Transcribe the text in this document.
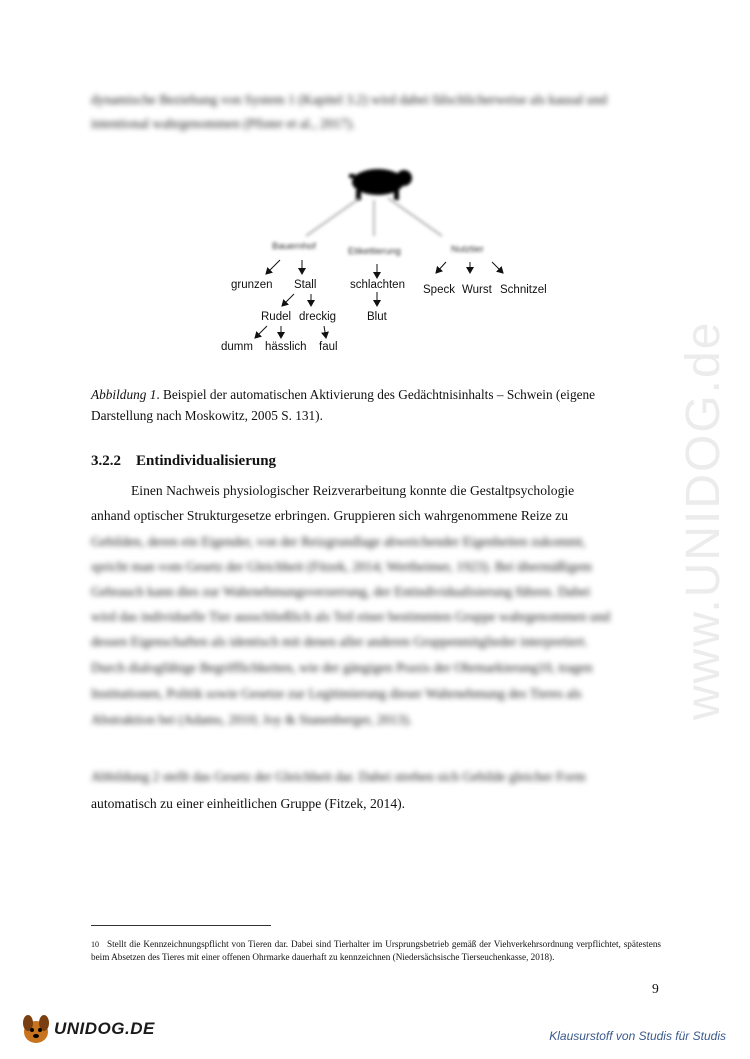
dynamische Beziehung von System 1 (Kapitel 3.2) wird dabei fälschlicherweise als kausal und
intentional wahrgenommen (Pfister et al., 2017).
Bauernhof	Etikettierung	Nutztier
grunzen Stall
Rudel dreckig
dumm hässlich faul
schlachten
Blut
Speck Wurst Schnitzel
Abbildung 1. Beispiel der automatischen Aktivierung des Gedächtnisinhalts – Schwein (eigene
Darstellung nach Moskowitz, 2005 S. 131).
3.2.2 Entindividualisierung
Einen Nachweis physiologischer Reizverarbeitung konnte die Gestaltpsychologie
anhand optischer Strukturgesetze erbringen. Gruppieren sich wahrgenommene Reize zu
Gebilden, deren ein Eigender, von der Reizgrundlage abweichender Eigenheiten zukommt,
spricht man vom Gesetz der Gleichheit (Fitzek, 2014; Wertheimer, 1923). Bei übermäßigem
Gebrauch kann dies zur Wahrnehmungsverzerrung, der Entindividualisierung führen. Dabei
wird das individuelle Tier ausschließlich als Teil einer bestimmten Gruppe wahrgenommen und
dessen Eigenschaften als identisch mit denen aller anderen Gruppenmitglieder interpretiert.
Durch dialogfähige Begrifflichkeiten, wie der gängigen Praxis der Ohrmarkierung10, tragen
Institutionen, Politik sowie Gesetze zur Legitimierung dieser Wahrnehmung des Tieres als
Abstraktion bei (Adams, 2010; Joy & Stanenberger, 2013).
Abbildung 2 stellt das Gesetz der Gleichheit dar. Dabei streben sich Gebilde gleicher Form
automatisch zu einer einheitlichen Gruppe (Fitzek, 2014).
$^{10}$ Stellt die Kennzeichnungspflicht von Tieren dar. Dabei sind Tierhalter im Ursprungsbetrieb gemäß der Viehverkehrsordnung verpflichtet, spätestens beim Absetzen des Tieres mit einer offenen Ohrmarke dauerhaft zu kennzeichnen (Niedersächsische Tierseuchenkasse, 2018).
9
www.UNIDOG.de
UNIDOG.DE	Klausurstoff von Studis für Studis
